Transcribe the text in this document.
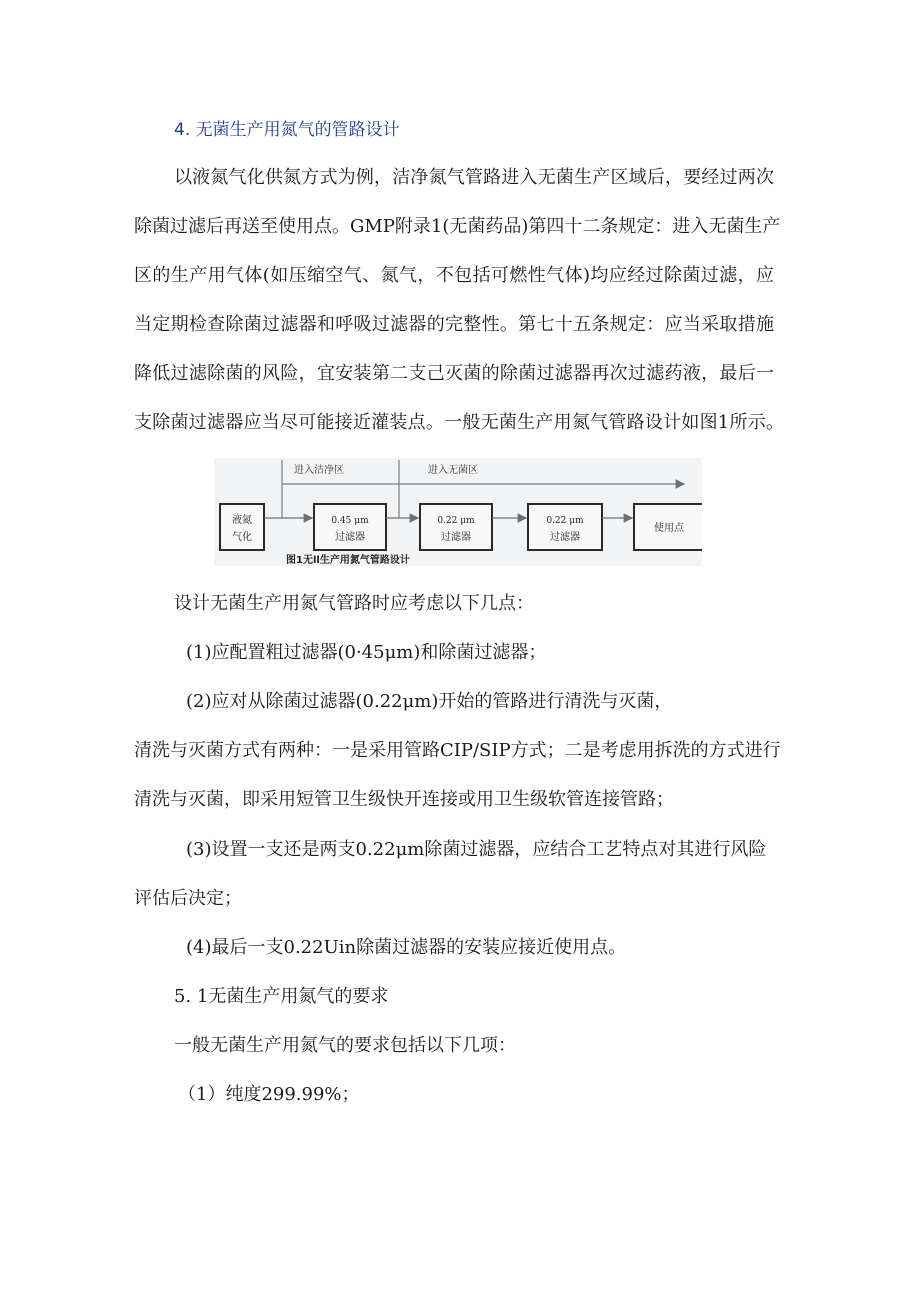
4. 无菌生产用氮气的管路设计
以液氮气化供氮方式为例，洁净氮气管路进入无菌生产区域后，要经过两次
除菌过滤后再送至使用点。GMP附录1(无菌药品)第四十二条规定：进入无菌生产
区的生产用气体(如压缩空气、氮气，不包括可燃性气体)均应经过除菌过滤，应
当定期检查除菌过滤器和呼吸过滤器的完整性。第七十五条规定：应当采取措施
降低过滤除菌的风险，宜安装第二支己灭菌的除菌过滤器再次过滤药液，最后一
支除菌过滤器应当尽可能接近灌装点。一般无菌生产用氮气管路设计如图1所示。
进入洁净区	进入无菌区
液氮
气化
0.45 μm
过滤器
0.22 μm
过滤器
0.22 μm
过滤器
使用点
图1无ll生产用氮气管路设计
设计无菌生产用氮气管路时应考虑以下几点：
(1)应配置粗过滤器(0·45μm)和除菌过滤器；
(2)应对从除菌过滤器(0.22μm)开始的管路进行清洗与灭菌，
清洗与灭菌方式有两种：一是采用管路CIP/SIP方式；二是考虑用拆洗的方式进行
清洗与灭菌，即采用短管卫生级快开连接或用卫生级软管连接管路；
(3)设置一支还是两支0.22μm除菌过滤器，应结合工艺特点对其进行风险
评估后决定；
(4)最后一支0.22Uin除菌过滤器的安装应接近使用点。
5. 1无菌生产用氮气的要求
一般无菌生产用氮气的要求包括以下几项：
（1）纯度299.99%；
